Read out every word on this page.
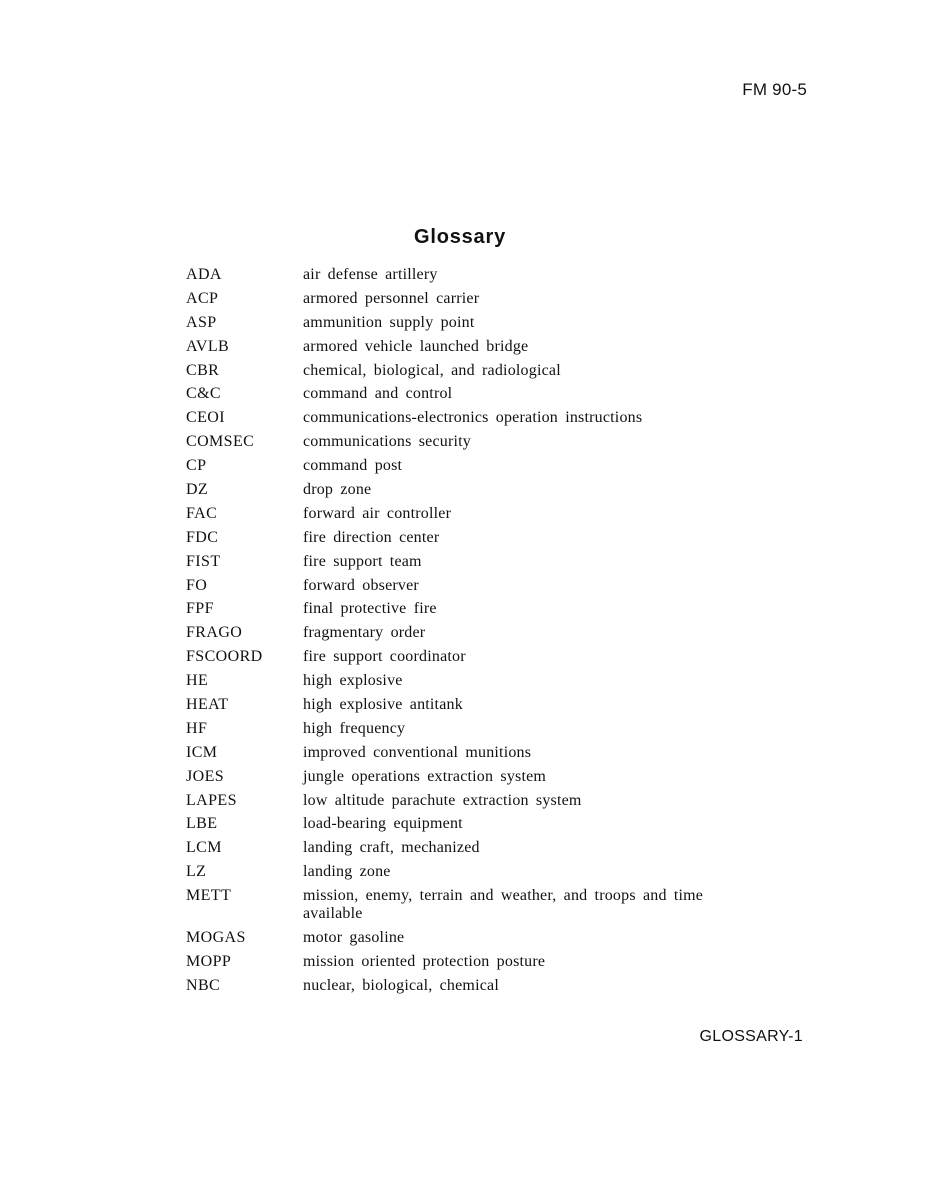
FM 90-5
Glossary
ADA	air defense artillery
ACP	armored personnel carrier
ASP	ammunition supply point
AVLB	armored vehicle launched bridge
CBR	chemical, biological, and radiological
C&C	command and control
CEOI	communications-electronics operation instructions
COMSEC	communications security
CP	command post
DZ	drop zone
FAC	forward air controller
FDC	fire direction center
FIST	fire support team
FO	forward observer
FPF	final protective fire
FRAGO	fragmentary order
FSCOORD	fire support coordinator
HE	high explosive
HEAT	high explosive antitank
HF	high frequency
ICM	improved conventional munitions
JOES	jungle operations extraction system
LAPES	low altitude parachute extraction system
LBE	load-bearing equipment
LCM	landing craft, mechanized
LZ	landing zone
METT	mission, enemy, terrain and weather, and troops and time available
MOGAS	motor gasoline
MOPP	mission oriented protection posture
NBC	nuclear, biological, chemical
GLOSSARY-1
